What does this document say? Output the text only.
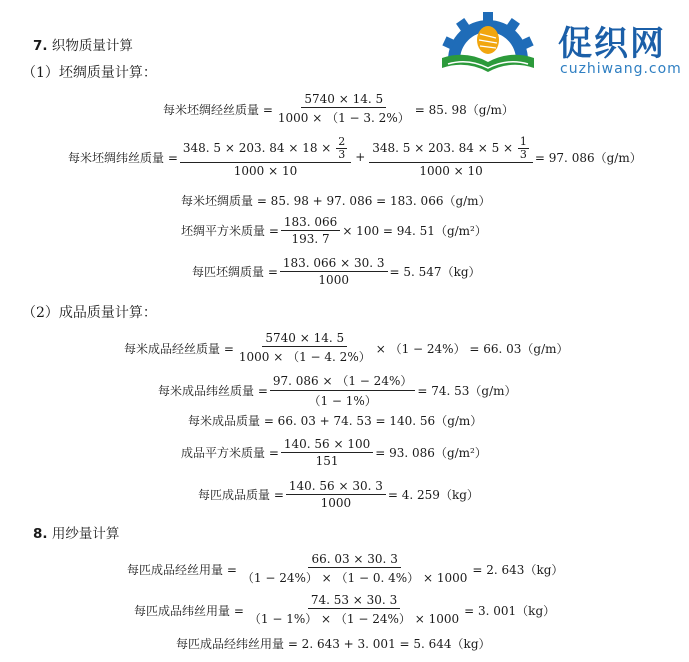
促织网
cuzhiwang.com
7. 织物质量计算
（1）坯绸质量计算：
每米坯绸经丝质量 = $\frac{5740 \times 14. 5}{1000 \times (1 - 3. 2\%)} = 85$. 98（g/m）
每米坯绸纬丝质量 = $\frac{348. 5 \times 203. 84 \times 18 \times \frac{2}{3}}{1000 \times 10} + \frac{348. 5 \times 203. 84 \times 5 \times \frac{1}{3}}{1000 \times 10} = 97$. 086（g/m）
每米坯绸质量 = 85. 98 + 97. 086 = 183. 066（g/m）
坯绸平方米质量 = $\frac{183. 066}{193. 7} \times 100 = 94$. 51（g/m²）
每匹坯绸质量 = $\frac{183. 066 \times 30. 3}{1000} = 5$. 547（kg）
（2）成品质量计算：
每米成品经丝质量 = $\frac{5740 \times 14. 5}{1000 \times (1 - 4. 2\%)} \times (1 - 24\%) = 66$. 03（g/m）
每米成品纬丝质量 = $\frac{97. 086 \times (1 - 24\%)}{(1 - 1\%)} = 74$. 53（g/m）
每米成品质量 = 66. 03 + 74. 53 = 140. 56（g/m）
成品平方米质量 = $\frac{140. 56 \times 100}{151} = 93$. 086（g/m²）
每匹成品质量 = $\frac{140. 56 \times 30. 3}{1000} = 4$. 259（kg）
8. 用纱量计算
每匹成品经丝用量 = $\frac{66. 03 \times 30. 3}{(1 - 24\%) \times (1 - 0. 4\%) \times 1000} = 2$. 643（kg）
每匹成品纬丝用量 = $\frac{74. 53 \times 30. 3}{(1 - 1\%) \times (1 - 24\%) \times 1000} = 3$. 001（kg）
每匹成品经纬丝用量 = 2. 643 + 3. 001 = 5. 644（kg）
